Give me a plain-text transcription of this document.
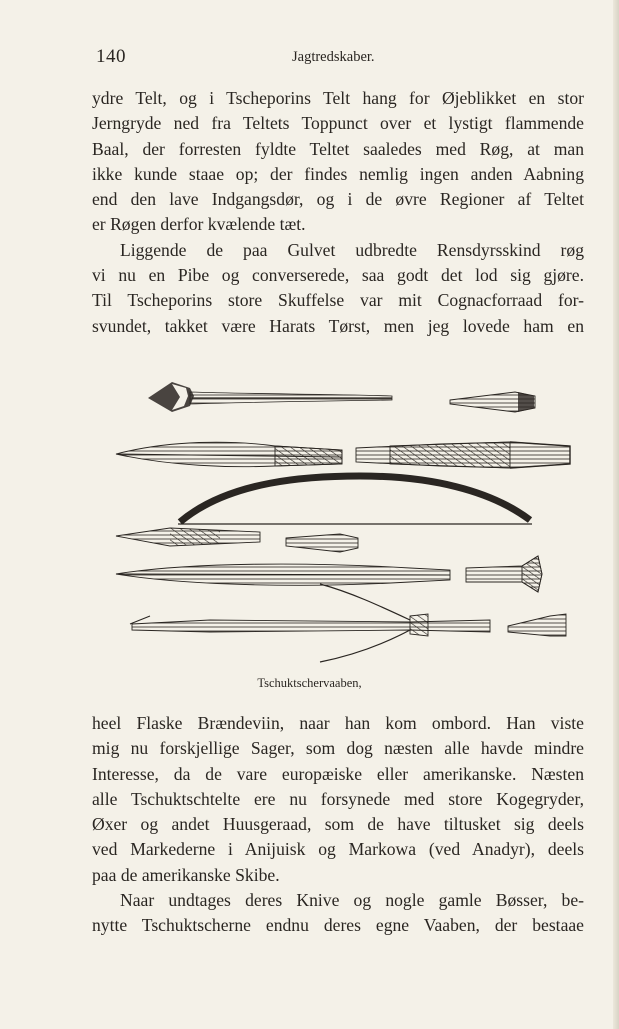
140	Jagtredskaber.
ydre Telt, og i Tscheporins Telt hang for Øjeblikket en stor
Jerngryde ned fra Teltets Toppunct over et lystigt flammende
Baal, der forresten fyldte Teltet saaledes med Røg, at man
ikke kunde staae op; der findes nemlig ingen anden Aabning
end den lave Indgangsdør, og i de øvre Regioner af Teltet
er Røgen derfor kvælende tæt.
Liggende de paa Gulvet udbredte Rensdyrsskind røg
vi nu en Pibe og converserede, saa godt det lod sig gjøre.
Til Tscheporins store Skuffelse var mit Cognacforraad for-
svundet, takket være Harats Tørst, men jeg lovede ham en
Tschuktschervaaben,
heel Flaske Brændeviin, naar han kom ombord. Han viste
mig nu forskjellige Sager, som dog næsten alle havde mindre
Interesse, da de vare europæiske eller amerikanske. Næsten
alle Tschuktschtelte ere nu forsynede med store Kogegryder,
Øxer og andet Huusgeraad, som de have tiltusket sig deels
ved Markederne i Anijuisk og Markowa (ved Anadyr), deels
paa de amerikanske Skibe.
Naar undtages deres Knive og nogle gamle Bøsser, be-
nytte Tschuktscherne endnu deres egne Vaaben, der bestaae
